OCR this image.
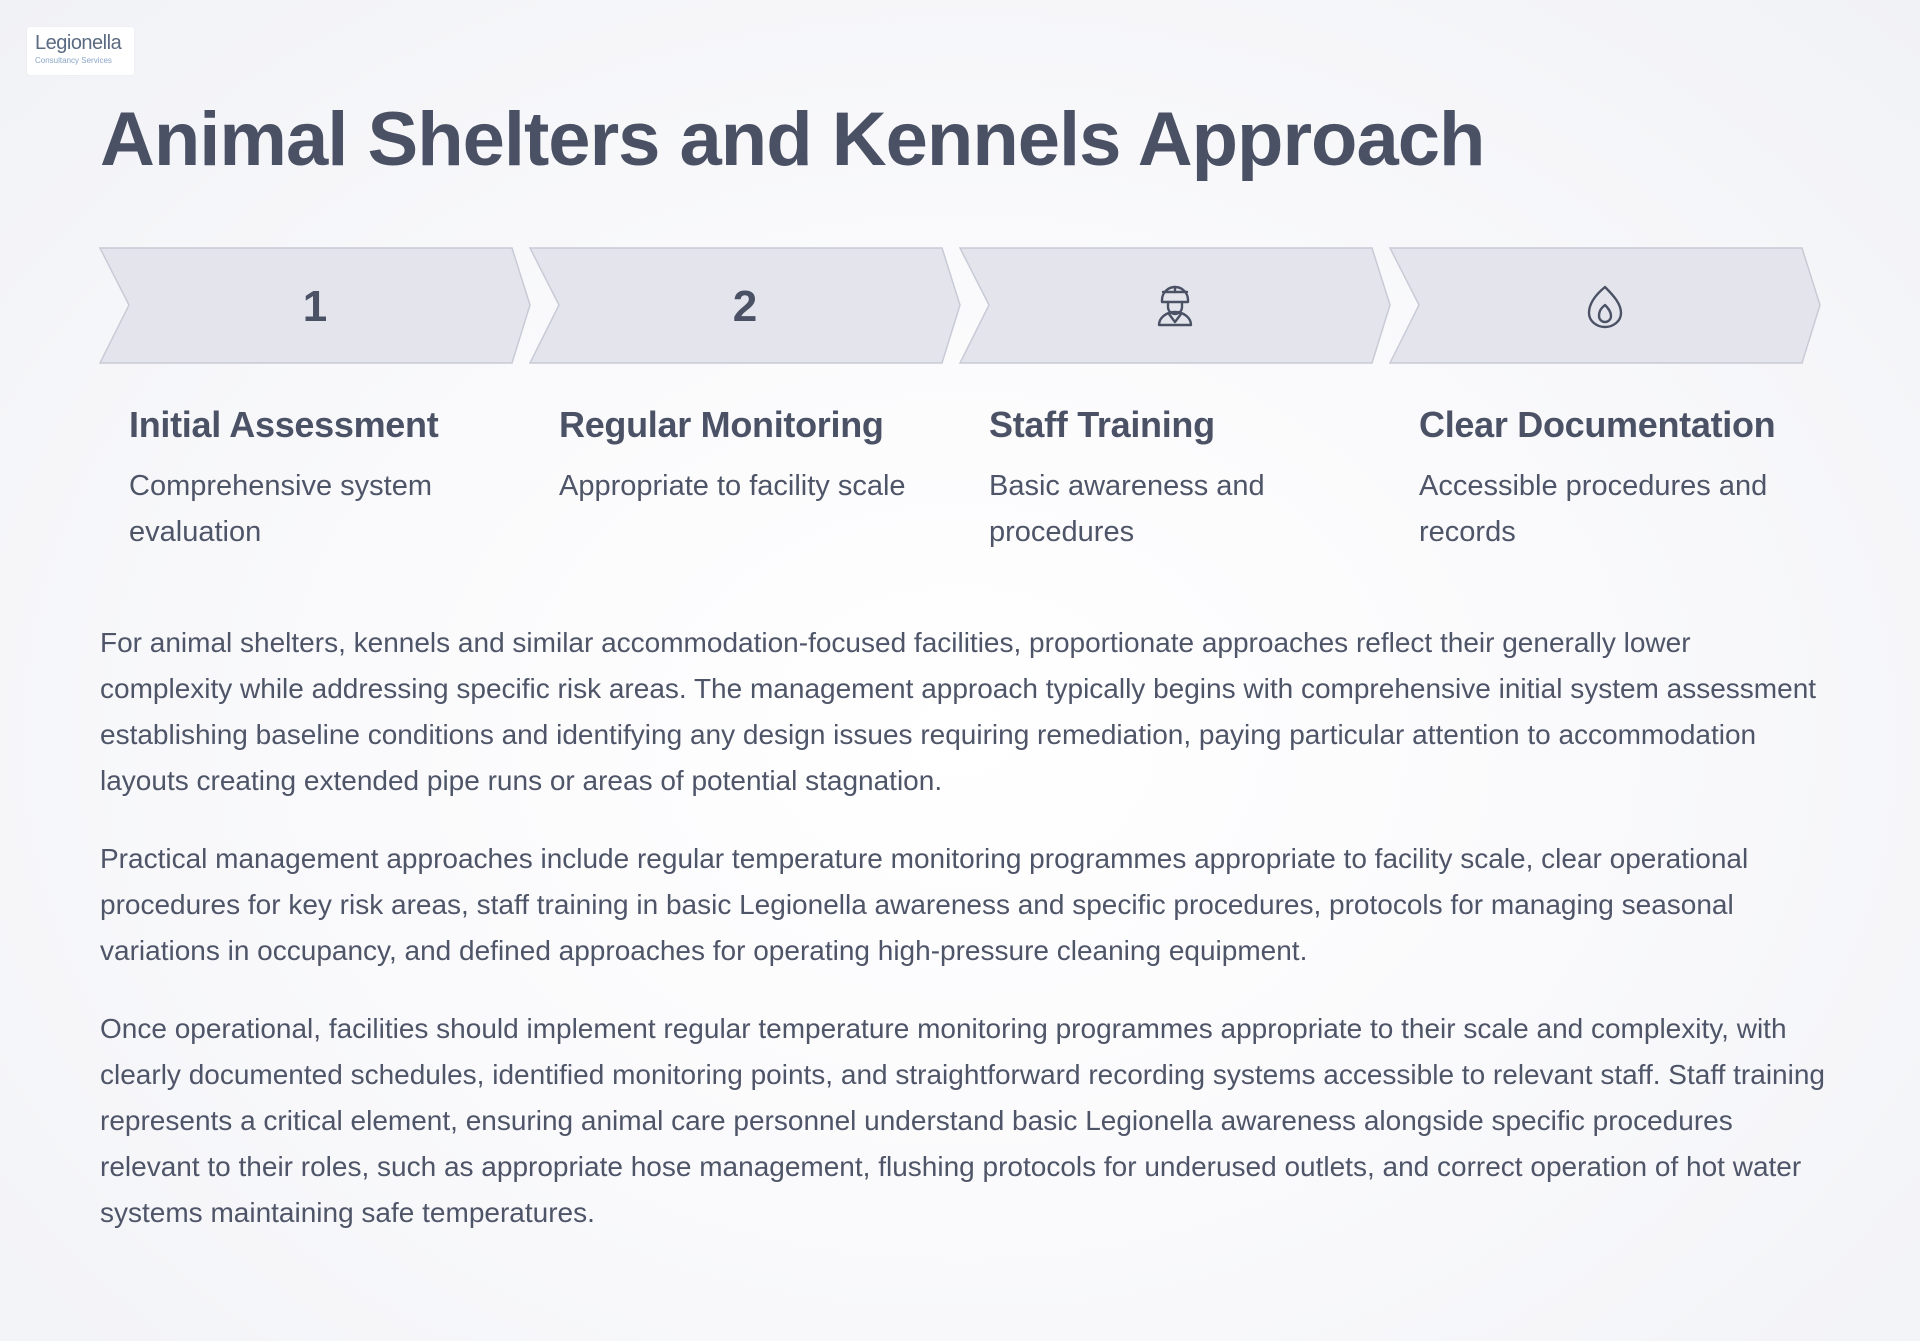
Legionella
Consultancy Services
Animal Shelters and Kennels Approach
1	2
Initial Assessment

Comprehensive system evaluation

Regular Monitoring

Appropriate to facility scale

Staff Training

Basic awareness and procedures

Clear Documentation

Accessible procedures and records

For animal shelters, kennels and similar accommodation-focused facilities, proportionate approaches reflect their generally lower complexity while addressing specific risk areas. The management approach typically begins with comprehensive initial system assessment establishing baseline conditions and identifying any design issues requiring remediation, paying particular attention to accommodation layouts creating extended pipe runs or areas of potential stagnation.

Practical management approaches include regular temperature monitoring programmes appropriate to facility scale, clear operational procedures for key risk areas, staff training in basic Legionella awareness and specific procedures, protocols for managing seasonal variations in occupancy, and defined approaches for operating high-pressure cleaning equipment.

Once operational, facilities should implement regular temperature monitoring programmes appropriate to their scale and complexity, with clearly documented schedules, identified monitoring points, and straightforward recording systems accessible to relevant staff. Staff training represents a critical element, ensuring animal care personnel understand basic Legionella awareness alongside specific procedures relevant to their roles, such as appropriate hose management, flushing protocols for underused outlets, and correct operation of hot water systems maintaining safe temperatures.
